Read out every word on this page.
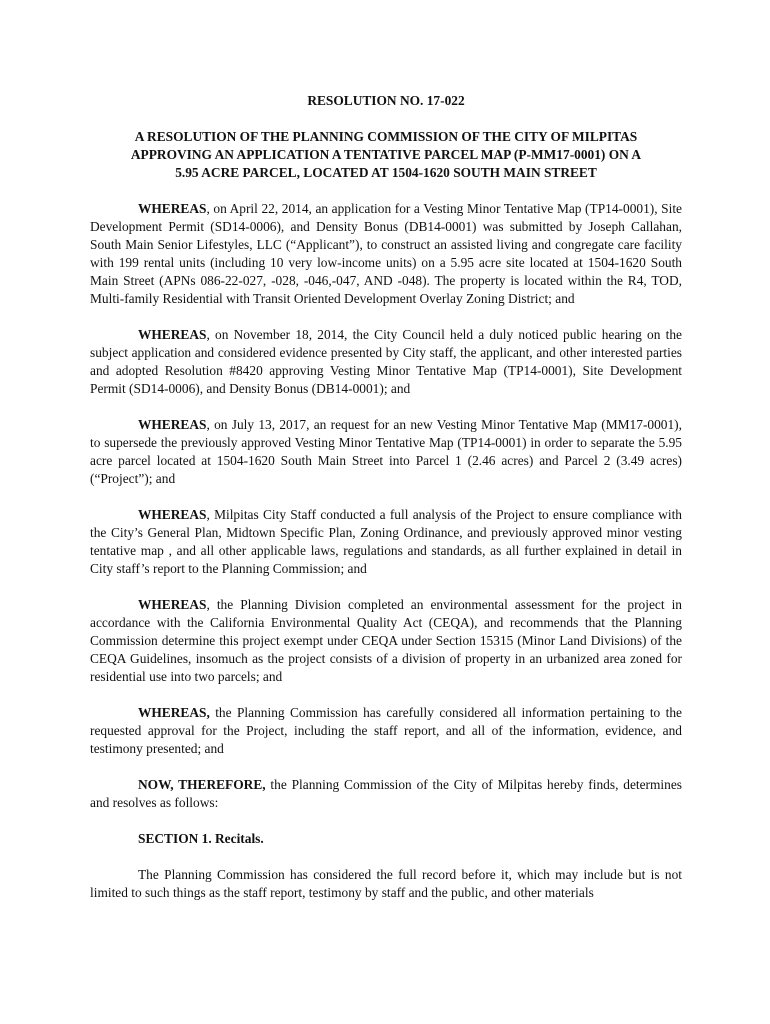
RESOLUTION NO. 17-022
A RESOLUTION OF THE PLANNING COMMISSION OF THE CITY OF MILPITAS APPROVING AN APPLICATION A TENTATIVE PARCEL MAP (P-MM17-0001) ON A 5.95 ACRE PARCEL, LOCATED AT 1504-1620 SOUTH MAIN STREET

WHEREAS, on April 22, 2014, an application for a Vesting Minor Tentative Map (TP14-0001), Site Development Permit (SD14-0006), and Density Bonus (DB14-0001) was submitted by Joseph Callahan, South Main Senior Lifestyles, LLC (“Applicant”), to construct an assisted living and congregate care facility with 199 rental units (including 10 very low-income units) on a 5.95 acre site located at 1504-1620 South Main Street (APNs 086-22-027, -028, -046,-047, AND -048). The property is located within the R4, TOD, Multi-family Residential with Transit Oriented Development Overlay Zoning District; and

WHEREAS, on November 18, 2014, the City Council held a duly noticed public hearing on the subject application and considered evidence presented by City staff, the applicant, and other interested parties and adopted Resolution #8420 approving Vesting Minor Tentative Map (TP14-0001), Site Development Permit (SD14-0006), and Density Bonus (DB14-0001); and

WHEREAS, on July 13, 2017, an request for an new Vesting Minor Tentative Map (MM17-0001), to supersede the previously approved Vesting Minor Tentative Map (TP14-0001) in order to separate the 5.95 acre parcel located at 1504-1620 South Main Street into Parcel 1 (2.46 acres) and Parcel 2 (3.49 acres) (“Project”); and

WHEREAS, Milpitas City Staff conducted a full analysis of the Project to ensure compliance with the City’s General Plan, Midtown Specific Plan, Zoning Ordinance, and previously approved minor vesting tentative map , and all other applicable laws, regulations and standards, as all further explained in detail in City staff’s report to the Planning Commission; and

WHEREAS, the Planning Division completed an environmental assessment for the project in accordance with the California Environmental Quality Act (CEQA), and recommends that the Planning Commission determine this project exempt under CEQA under Section 15315 (Minor Land Divisions) of the CEQA Guidelines, insomuch as the project consists of a division of property in an urbanized area zoned for residential use into two parcels; and

WHEREAS, the Planning Commission has carefully considered all information pertaining to the requested approval for the Project, including the staff report, and all of the information, evidence, and testimony presented; and

NOW, THEREFORE, the Planning Commission of the City of Milpitas hereby finds, determines and resolves as follows:

SECTION 1. Recitals.

The Planning Commission has considered the full record before it, which may include but is not limited to such things as the staff report, testimony by staff and the public, and other materials
